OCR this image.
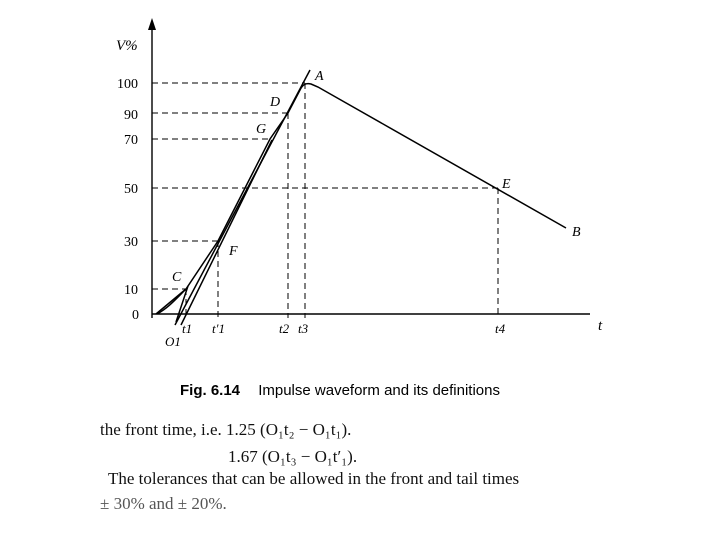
V%
100
90
70
50
30
10
0
A
B
C
D
E
F
G
t1 t′1	t2 t3	t4	t
O1
Fig. 6.14 Impulse waveform and its definitions
the front time, i.e. 1.25 (O₁t₂ − O₁t₁).
1.67 (O₁t₃ − O₁t′₁).
The tolerances that can be allowed in the front and tail times
± 30% and ± 20%.
